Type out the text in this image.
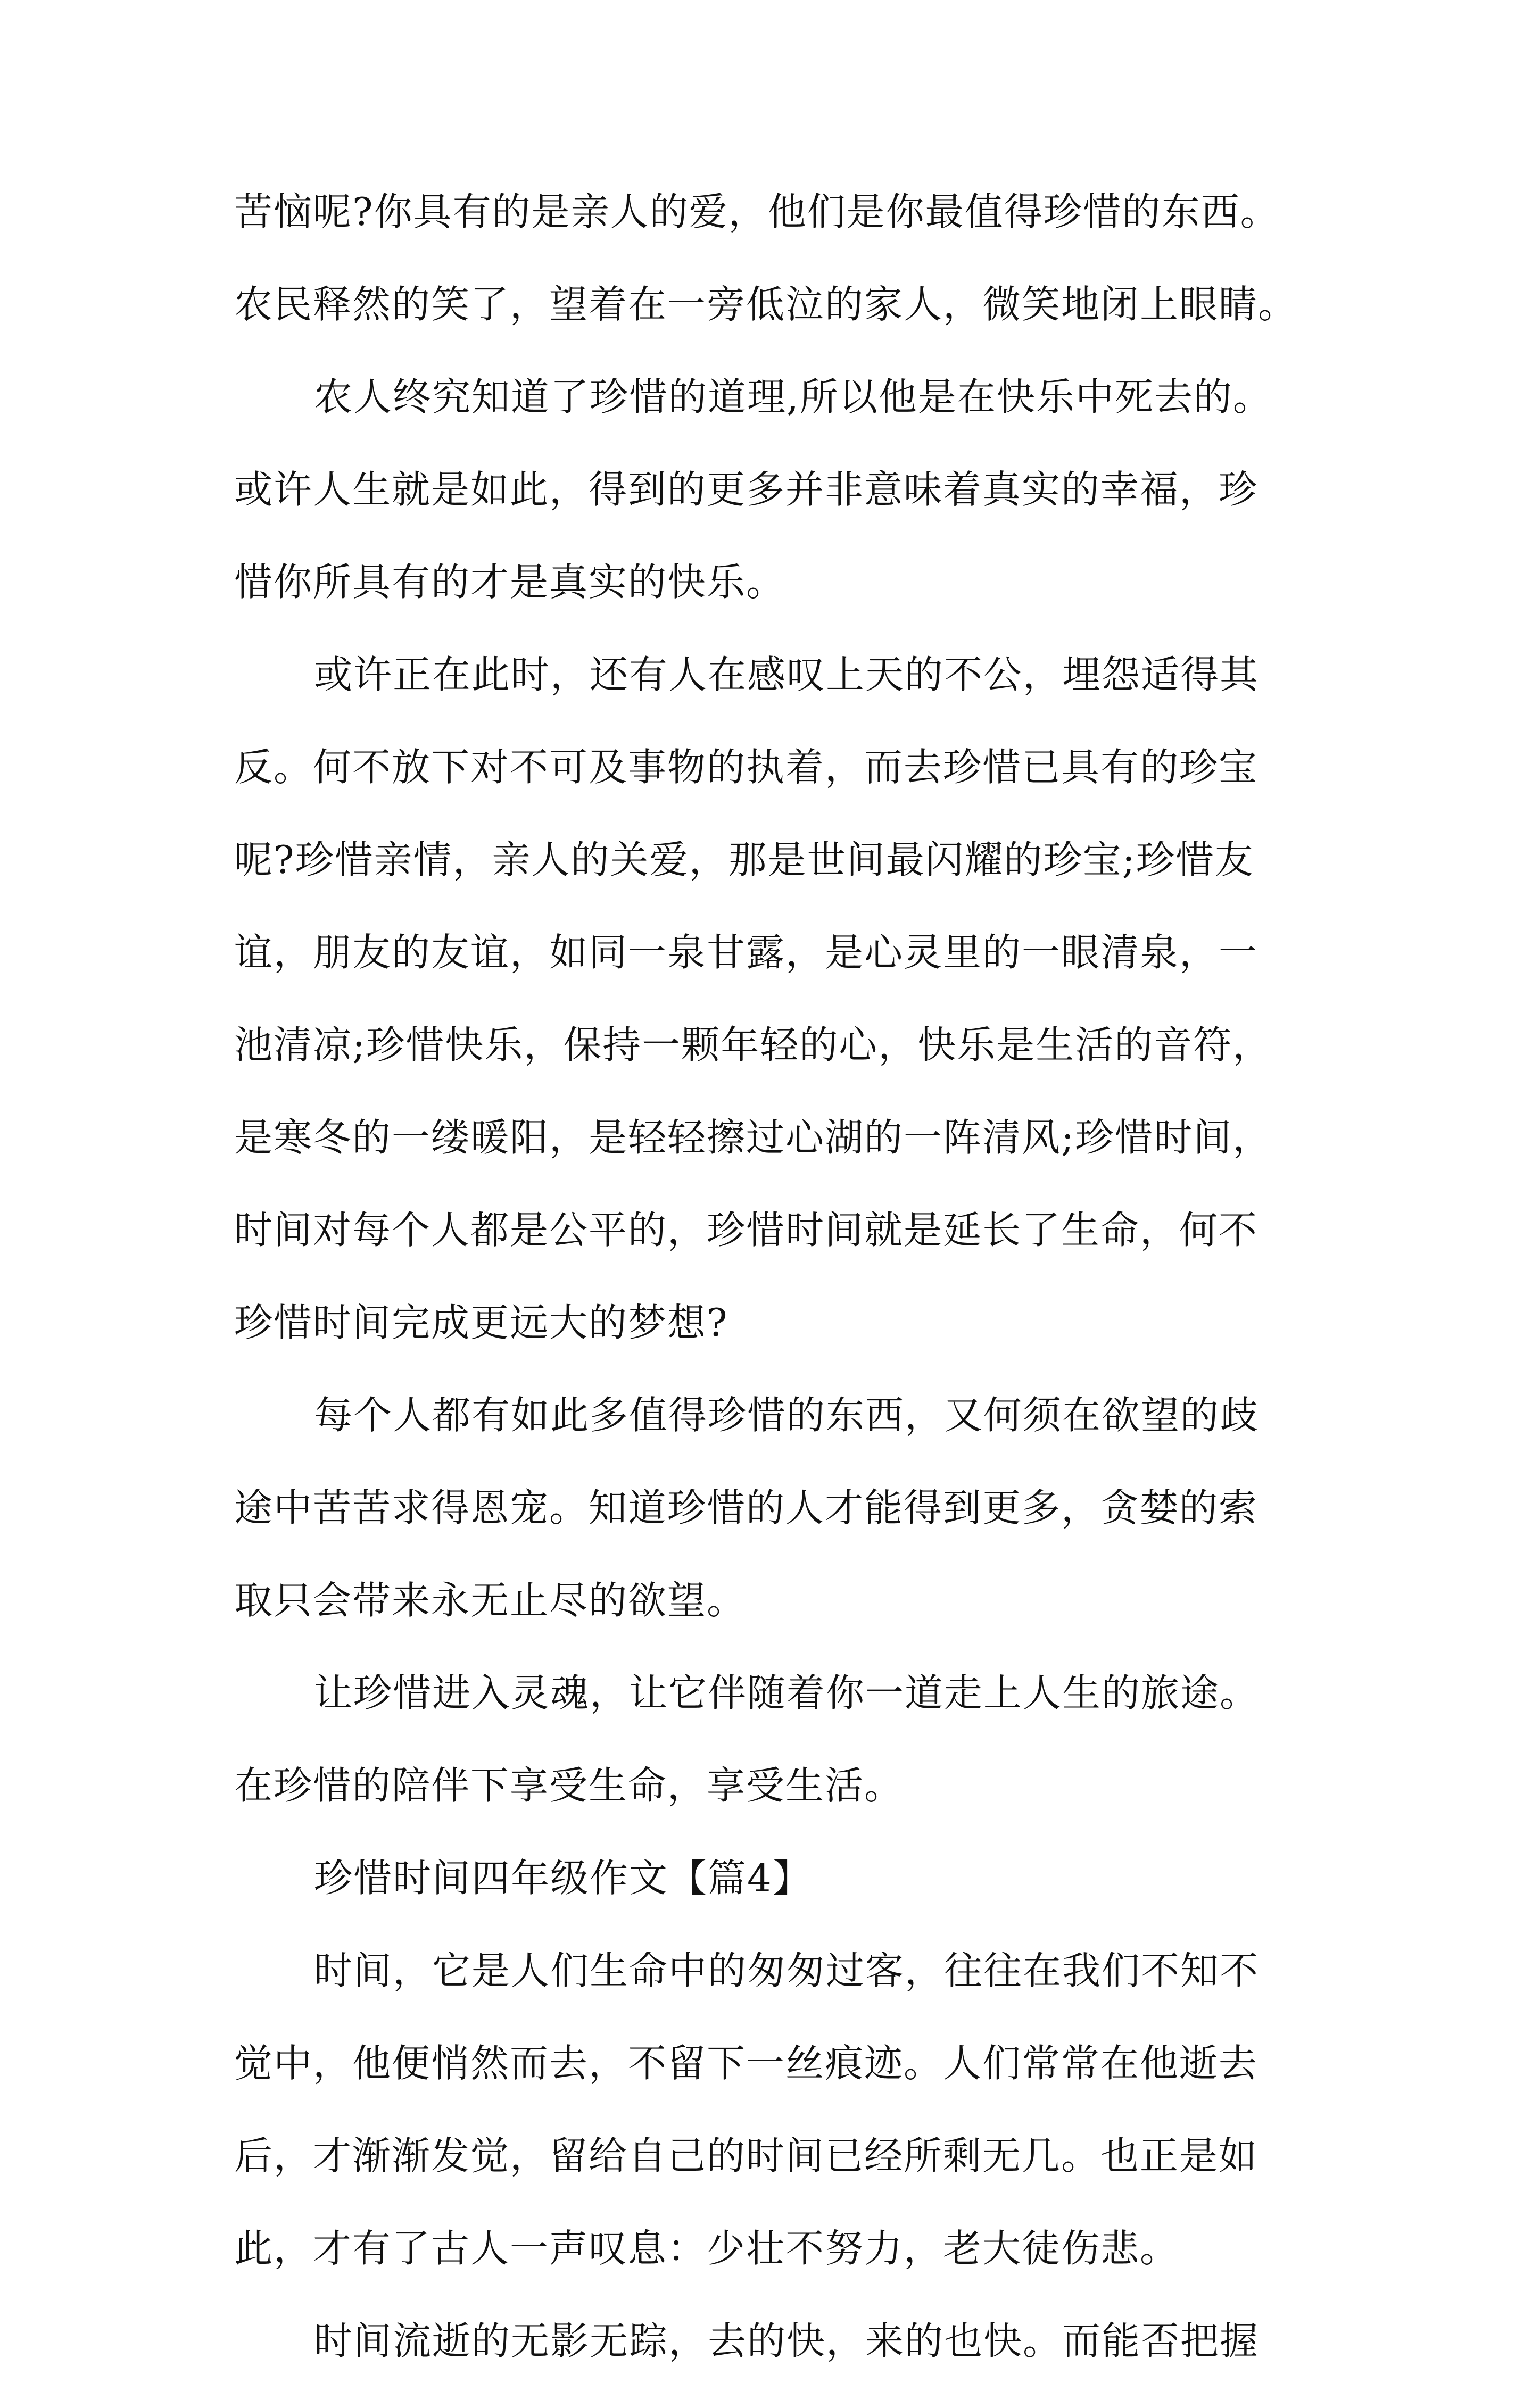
苦恼呢?你具有的是亲人的爱，他们是你最值得珍惜的东西。
农民释然的笑了，望着在一旁低泣的家人，微笑地闭上眼睛。
农人终究知道了珍惜的道理,所以他是在快乐中死去的。
或许人生就是如此，得到的更多并非意味着真实的幸福，珍
惜你所具有的才是真实的快乐。
或许正在此时，还有人在感叹上天的不公，埋怨适得其
反。何不放下对不可及事物的执着，而去珍惜已具有的珍宝
呢?珍惜亲情，亲人的关爱，那是世间最闪耀的珍宝;珍惜友
谊，朋友的友谊，如同一泉甘露，是心灵里的一眼清泉，一
池清凉;珍惜快乐，保持一颗年轻的心，快乐是生活的音符，
是寒冬的一缕暖阳，是轻轻擦过心湖的一阵清风;珍惜时间，
时间对每个人都是公平的，珍惜时间就是延长了生命，何不
珍惜时间完成更远大的梦想?
每个人都有如此多值得珍惜的东西，又何须在欲望的歧
途中苦苦求得恩宠。知道珍惜的人才能得到更多，贪婪的索
取只会带来永无止尽的欲望。
让珍惜进入灵魂，让它伴随着你一道走上人生的旅途。
在珍惜的陪伴下享受生命，享受生活。
珍惜时间四年级作文【篇4】
时间，它是人们生命中的匆匆过客，往往在我们不知不
觉中，他便悄然而去，不留下一丝痕迹。人们常常在他逝去
后，才渐渐发觉，留给自己的时间已经所剩无几。也正是如
此，才有了古人一声叹息：少壮不努力，老大徒伤悲。
时间流逝的无影无踪，去的快，来的也快。而能否把握
